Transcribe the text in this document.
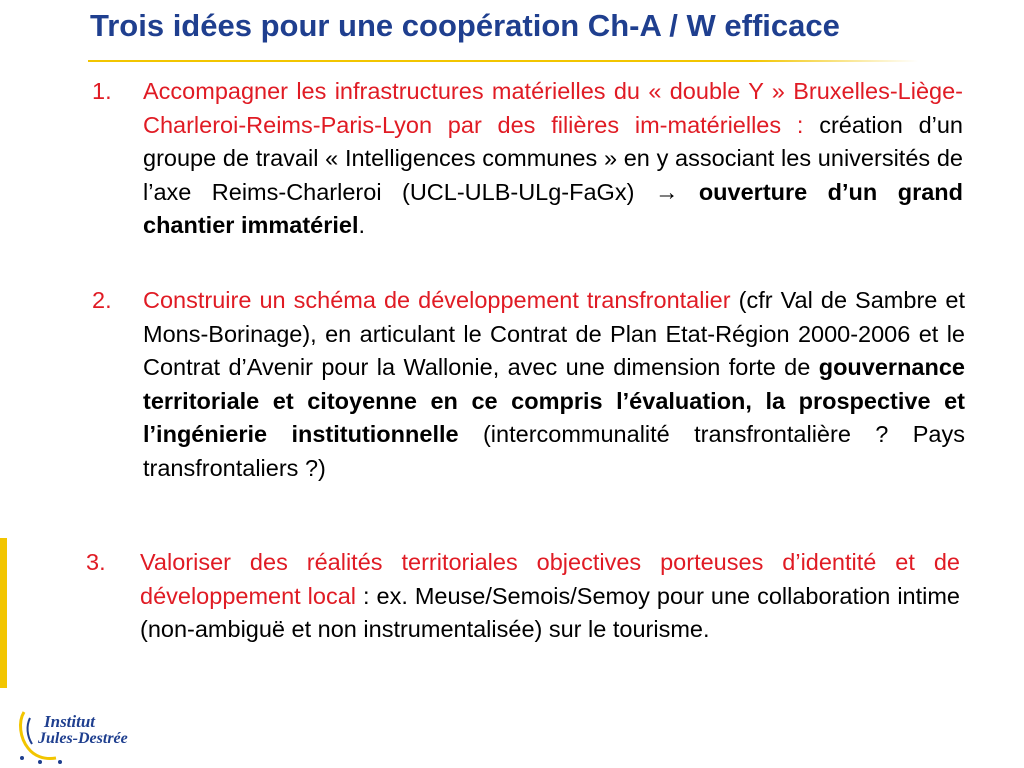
Trois idées pour une coopération Ch-A / W efficace
1. Accompagner les infrastructures matérielles du « double Y » Bruxelles-Liège-Charleroi-Reims-Paris-Lyon par des filières im-matérielles : création d’un groupe de travail « Intelligences communes » en y associant les universités de l’axe Reims-Charleroi (UCL-ULB-ULg-FaGx) → ouverture d’un grand chantier immatériel.
2. Construire un schéma de développement transfrontalier (cfr Val de Sambre et Mons-Borinage), en articulant le Contrat de Plan Etat-Région 2000-2006 et le Contrat d’Avenir pour la Wallonie, avec une dimension forte de gouvernance territoriale et citoyenne en ce compris l’évaluation, la prospective et l’ingénierie institutionnelle (intercommunalité transfrontalière ? Pays transfrontaliers ?)
3. Valoriser des réalités territoriales objectives porteuses d’identité et de développement local : ex. Meuse/Semois/Semoy pour une collaboration intime (non-ambiguë et non instrumentalisée) sur le tourisme.
Institut
Jules-Destrée
